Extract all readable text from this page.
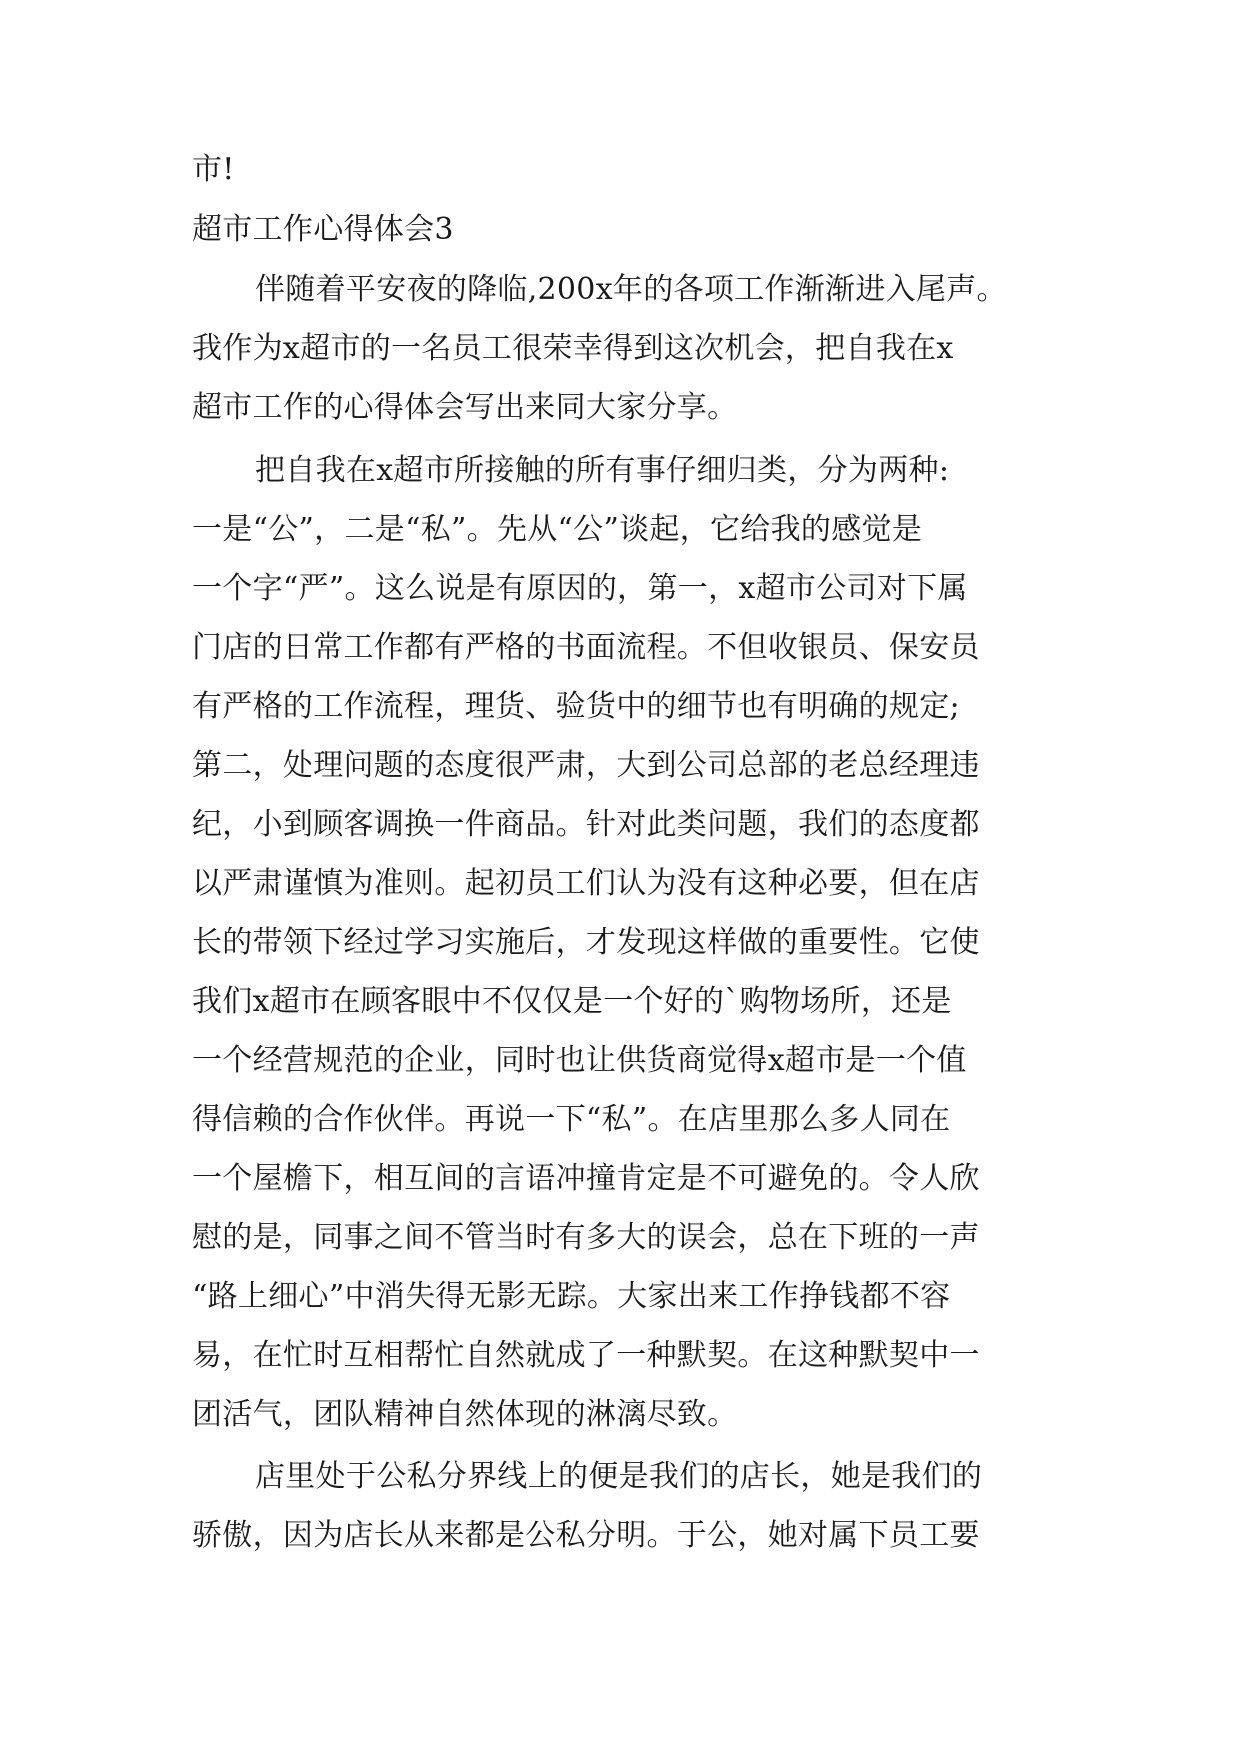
市!
超市工作心得体会3
伴随着平安夜的降临,200x年的各项工作渐渐进入尾声。
我作为x超市的一名员工很荣幸得到这次机会，把自我在x
超市工作的心得体会写出来同大家分享。
把自我在x超市所接触的所有事仔细归类，分为两种:
一是“公”，二是“私”。先从“公”谈起，它给我的感觉是
一个字“严”。这么说是有原因的，第一，x超市公司对下属
门店的日常工作都有严格的书面流程。不但收银员、保安员
有严格的工作流程，理货、验货中的细节也有明确的规定;
第二，处理问题的态度很严肃，大到公司总部的老总经理违
纪，小到顾客调换一件商品。针对此类问题，我们的态度都
以严肃谨慎为准则。起初员工们认为没有这种必要，但在店
长的带领下经过学习实施后，才发现这样做的重要性。它使
我们x超市在顾客眼中不仅仅是一个好的`购物场所，还是
一个经营规范的企业，同时也让供货商觉得x超市是一个值
得信赖的合作伙伴。再说一下“私”。在店里那么多人同在
一个屋檐下，相互间的言语冲撞肯定是不可避免的。令人欣
慰的是，同事之间不管当时有多大的误会，总在下班的一声
“路上细心”中消失得无影无踪。大家出来工作挣钱都不容
易，在忙时互相帮忙自然就成了一种默契。在这种默契中一
团活气，团队精神自然体现的淋漓尽致。
店里处于公私分界线上的便是我们的店长，她是我们的
骄傲，因为店长从来都是公私分明。于公，她对属下员工要
